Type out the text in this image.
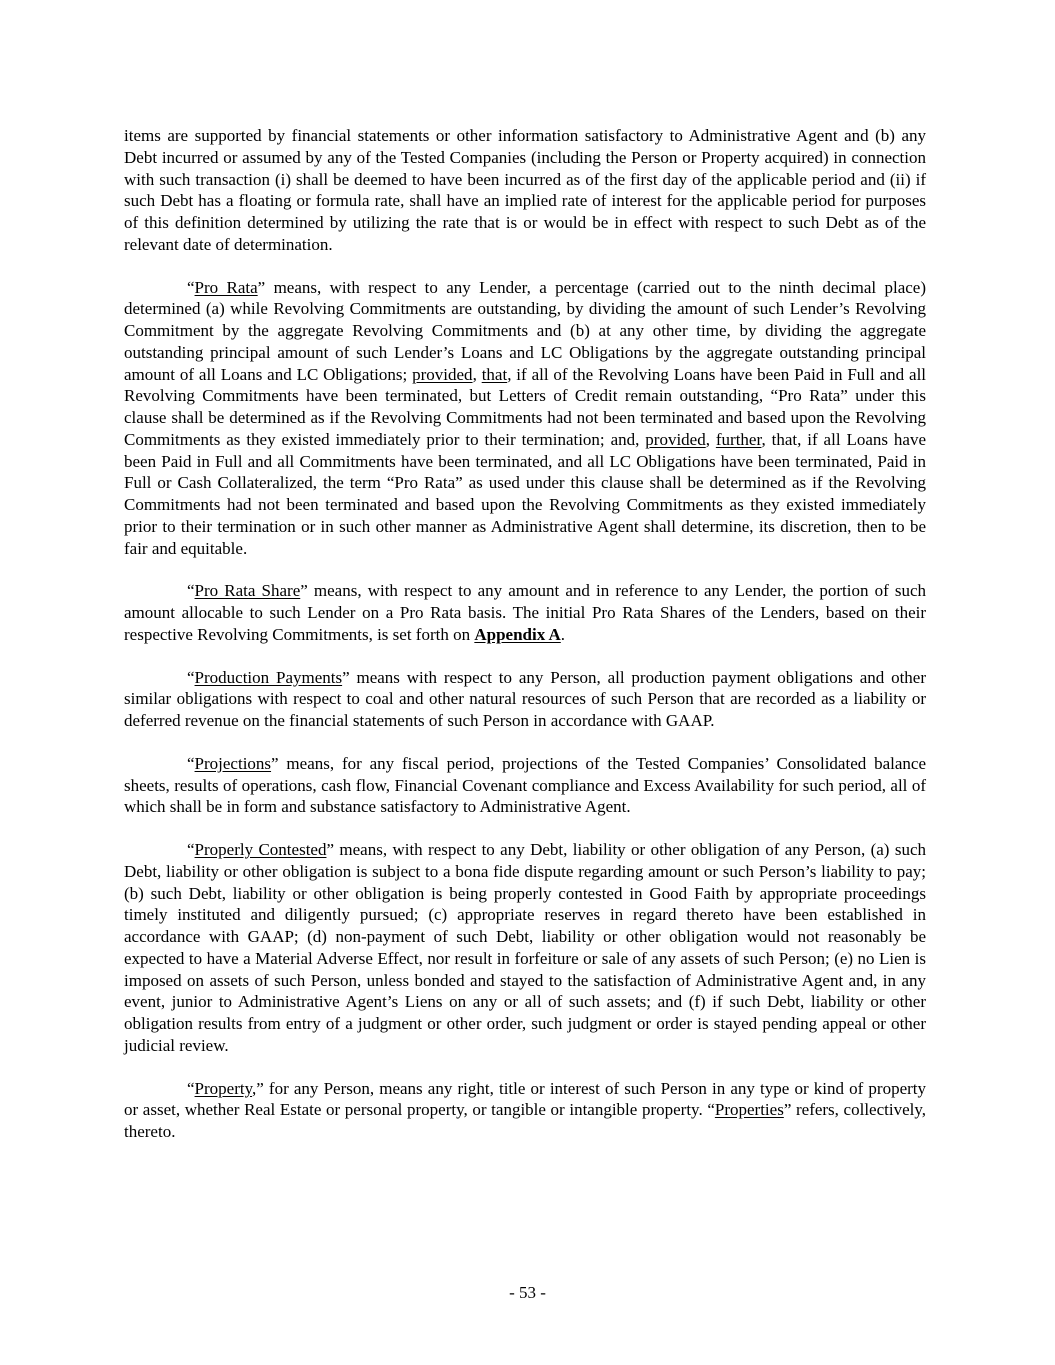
items are supported by financial statements or other information satisfactory to Administrative Agent and (b) any Debt incurred or assumed by any of the Tested Companies (including the Person or Property acquired) in connection with such transaction (i) shall be deemed to have been incurred as of the first day of the applicable period and (ii) if such Debt has a floating or formula rate, shall have an implied rate of interest for the applicable period for purposes of this definition determined by utilizing the rate that is or would be in effect with respect to such Debt as of the relevant date of determination.

“Pro Rata” means, with respect to any Lender, a percentage (carried out to the ninth decimal place) determined (a) while Revolving Commitments are outstanding, by dividing the amount of such Lender’s Revolving Commitment by the aggregate Revolving Commitments and (b) at any other time, by dividing the aggregate outstanding principal amount of such Lender’s Loans and LC Obligations by the aggregate outstanding principal amount of all Loans and LC Obligations; provided, that, if all of the Revolving Loans have been Paid in Full and all Revolving Commitments have been terminated, but Letters of Credit remain outstanding, “Pro Rata” under this clause shall be determined as if the Revolving Commitments had not been terminated and based upon the Revolving Commitments as they existed immediately prior to their termination; and, provided, further, that, if all Loans have been Paid in Full and all Commitments have been terminated, and all LC Obligations have been terminated, Paid in Full or Cash Collateralized, the term “Pro Rata” as used under this clause shall be determined as if the Revolving Commitments had not been terminated and based upon the Revolving Commitments as they existed immediately prior to their termination or in such other manner as Administrative Agent shall determine, its discretion, then to be fair and equitable.

“Pro Rata Share” means, with respect to any amount and in reference to any Lender, the portion of such amount allocable to such Lender on a Pro Rata basis. The initial Pro Rata Shares of the Lenders, based on their respective Revolving Commitments, is set forth on Appendix A.

“Production Payments” means with respect to any Person, all production payment obligations and other similar obligations with respect to coal and other natural resources of such Person that are recorded as a liability or deferred revenue on the financial statements of such Person in accordance with GAAP.

“Projections” means, for any fiscal period, projections of the Tested Companies’ Consolidated balance sheets, results of operations, cash flow, Financial Covenant compliance and Excess Availability for such period, all of which shall be in form and substance satisfactory to Administrative Agent.

“Properly Contested” means, with respect to any Debt, liability or other obligation of any Person, (a) such Debt, liability or other obligation is subject to a bona fide dispute regarding amount or such Person’s liability to pay; (b) such Debt, liability or other obligation is being properly contested in Good Faith by appropriate proceedings timely instituted and diligently pursued; (c) appropriate reserves in regard thereto have been established in accordance with GAAP; (d) non-payment of such Debt, liability or other obligation would not reasonably be expected to have a Material Adverse Effect, nor result in forfeiture or sale of any assets of such Person; (e) no Lien is imposed on assets of such Person, unless bonded and stayed to the satisfaction of Administrative Agent and, in any event, junior to Administrative Agent’s Liens on any or all of such assets; and (f) if such Debt, liability or other obligation results from entry of a judgment or other order, such judgment or order is stayed pending appeal or other judicial review.

“Property,” for any Person, means any right, title or interest of such Person in any type or kind of property or asset, whether Real Estate or personal property, or tangible or intangible property. “Properties” refers, collectively, thereto.

- 53 -
